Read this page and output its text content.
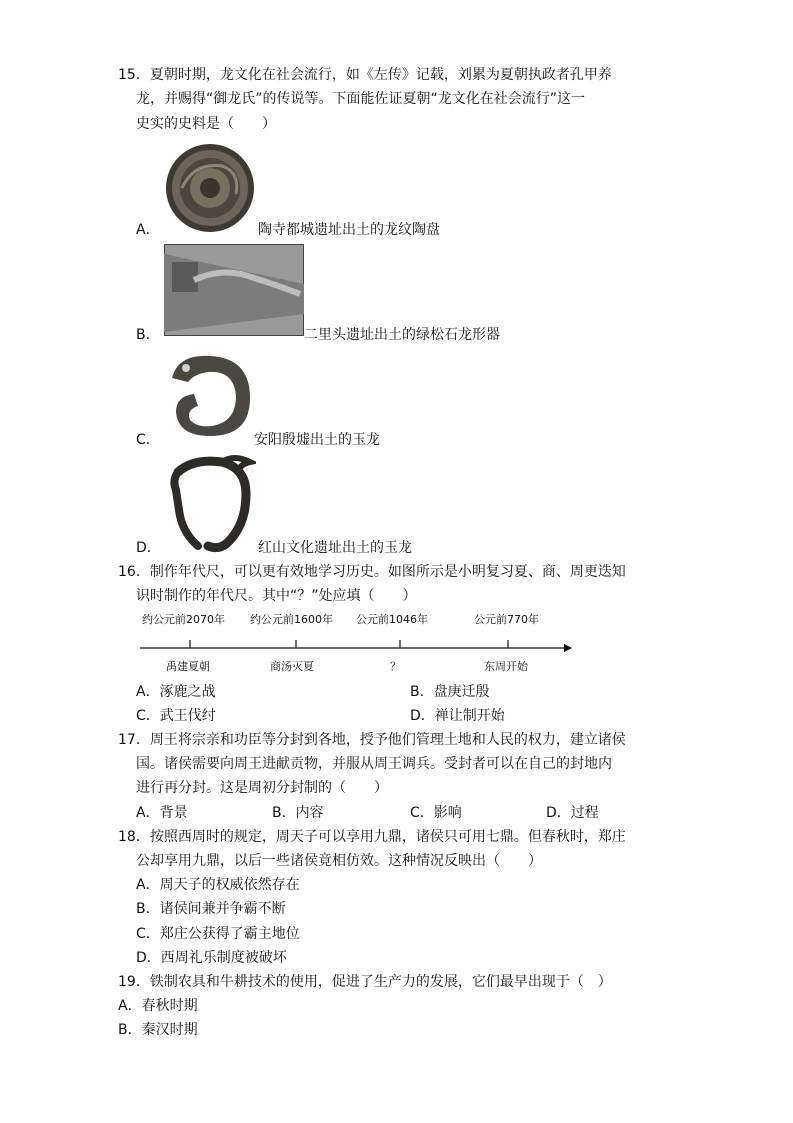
15．夏朝时期，龙文化在社会流行，如《左传》记载，刘累为夏朝执政者孔甲养
龙，并赐得“御龙氏”的传说等。下面能佐证夏朝“龙文化在社会流行”这一
史实的史料是（　　）
A．	陶寺都城遗址出土的龙纹陶盘
B．	二里头遗址出土的绿松石龙形器
C．	安阳殷墟出土的玉龙
D．	红山文化遗址出土的玉龙
16．制作年代尺，可以更有效地学习历史。如图所示是小明复习夏、商、周更迭知
识时制作的年代尺。其中“？”处应填（　　）
约公元前2070年 约公元前1600年 公元前1046年	公元前770年
禹建夏朝	商汤灭夏	？	东周开始
A．涿鹿之战	B．盘庚迁殷
C．武王伐纣	D．禅让制开始
17．周王将宗亲和功臣等分封到各地，授予他们管理土地和人民的权力，建立诸侯
国。诸侯需要向周王进献贡物，并服从周王调兵。受封者可以在自己的封地内
进行再分封。这是周初分封制的（　　）
A．背景	B．内容	C．影响	D．过程
18．按照西周时的规定，周天子可以享用九鼎，诸侯只可用七鼎。但春秋时，郑庄
公却享用九鼎，以后一些诸侯竟相仿效。这种情况反映出（　　）
A．周天子的权威依然存在
B．诸侯间兼并争霸不断
C．郑庄公获得了霸主地位
D．西周礼乐制度被破坏
19．铁制农具和牛耕技术的使用，促进了生产力的发展，它们最早出现于（　）
A．春秋时期
B．秦汉时期
